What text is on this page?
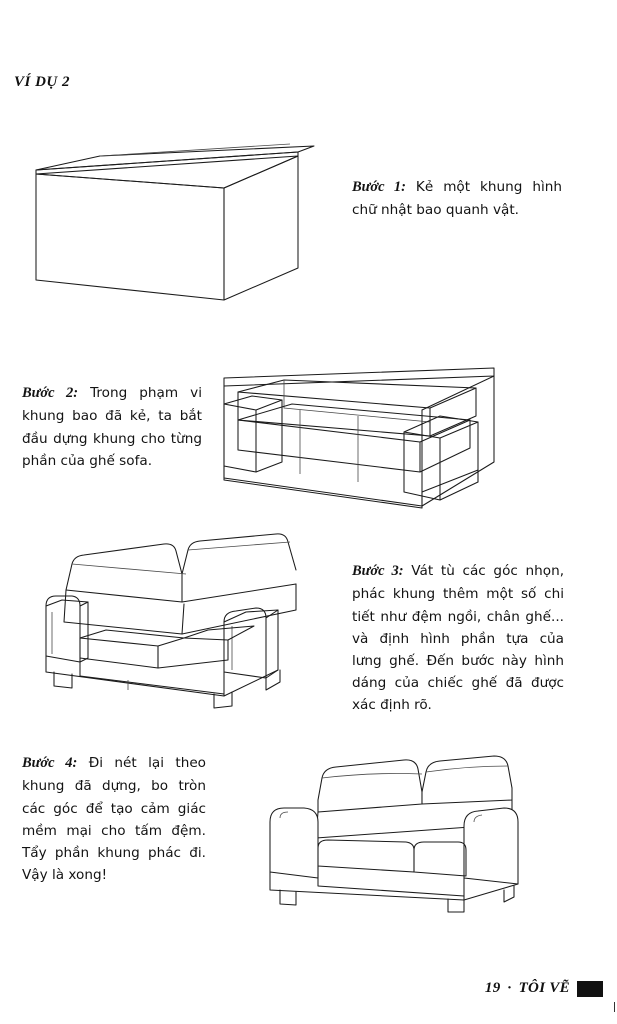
VÍ DỤ 2
Bước 1: Kẻ một khung hình chữ nhật bao quanh vật.
Bước 2: Trong phạm vi khung bao đã kẻ, ta bắt đầu dựng khung cho từng phần của ghế sofa.
Bước 3: Vát tù các góc nhọn, phác khung thêm một số chi tiết như đệm ngồi, chân ghế... và định hình phần tựa của lưng ghế. Đến bước này hình dáng của chiếc ghế đã được xác định rõ.
Bước 4: Đi nét lại theo khung đã dựng, bo tròn các góc để tạo cảm giác mềm mại cho tấm đệm. Tẩy phần khung phác đi. Vậy là xong!
19 · TÔI VẼ
